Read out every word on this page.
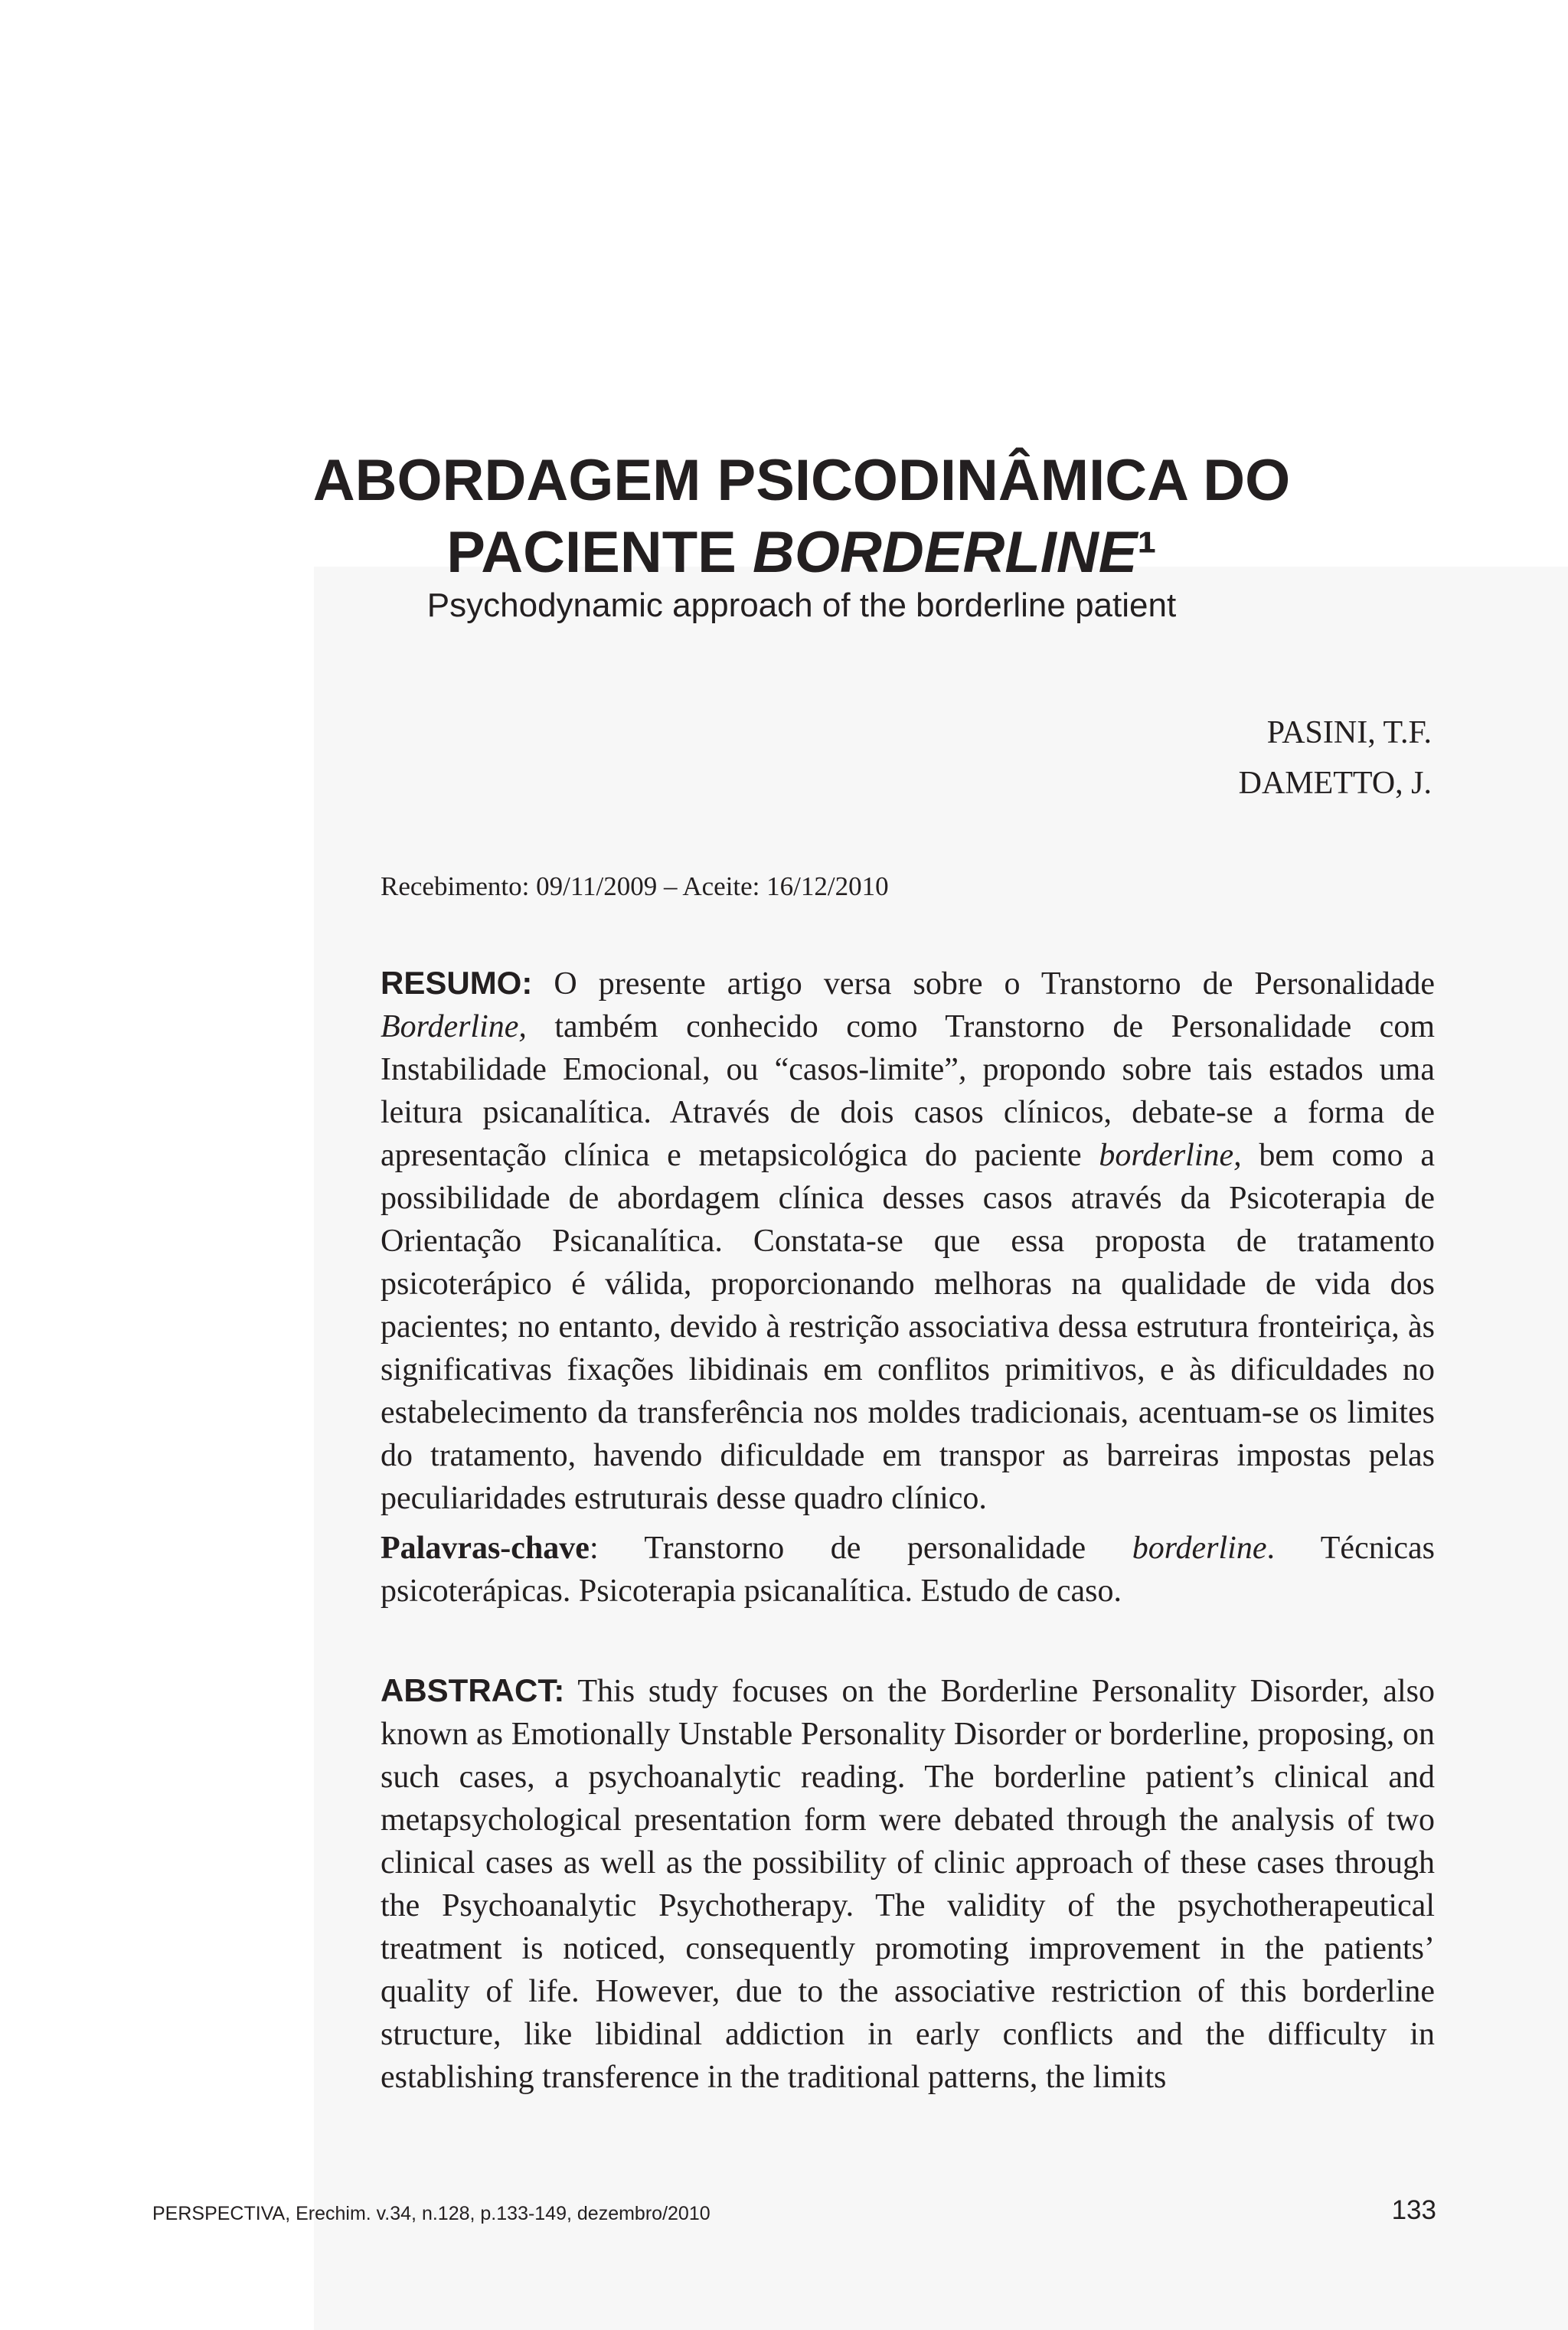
ABORDAGEM PSICODINÂMICA DO
PACIENTE BORDERLINE¹
Psychodynamic approach of the borderline patient
PASINI, T.F.
DAMETTO, J.
Recebimento: 09/11/2009 – Aceite: 16/12/2010

RESUMO: O presente artigo versa sobre o Transtorno de Personalidade Borderline, também conhecido como Transtorno de Personalidade com Instabilidade Emocional, ou “casos-limite”, propondo sobre tais estados uma leitura psicanalítica. Através de dois casos clínicos, debate-se a forma de apresentação clínica e metapsicológica do paciente borderline, bem como a possibilidade de abordagem clínica desses casos através da Psicoterapia de Orientação Psicanalítica. Constata-se que essa proposta de tratamento psicoterápico é válida, proporcionando melhoras na qualidade de vida dos pacientes; no entanto, devido à restrição associativa dessa estrutura fronteiriça, às significativas fixações libidinais em conflitos primitivos, e às dificuldades no estabelecimento da transferência nos moldes tradicionais, acentuam-se os limites do tratamento, havendo dificuldade em transpor as barreiras impostas pelas peculiaridades estruturais desse quadro clínico.

Palavras-chave: Transtorno de personalidade borderline. Técnicas psicoterápicas. Psicoterapia psicanalítica. Estudo de caso.

ABSTRACT: This study focuses on the Borderline Personality Disorder, also known as Emotionally Unstable Personality Disorder or borderline, proposing, on such cases, a psychoanalytic reading. The borderline patient’s clinical and metapsychological presentation form were debated through the analysis of two clinical cases as well as the possibility of clinic approach of these cases through the Psychoanalytic Psychotherapy. The validity of the psychotherapeutical treatment is noticed, consequently promoting improvement in the patients’ quality of life. However, due to the associative restriction of this borderline structure, like libidinal addiction in early conflicts and the difficulty in establishing transference in the traditional patterns, the limits

PERSPECTIVA, Erechim. v.34, n.128, p.133-149, dezembro/2010	133
